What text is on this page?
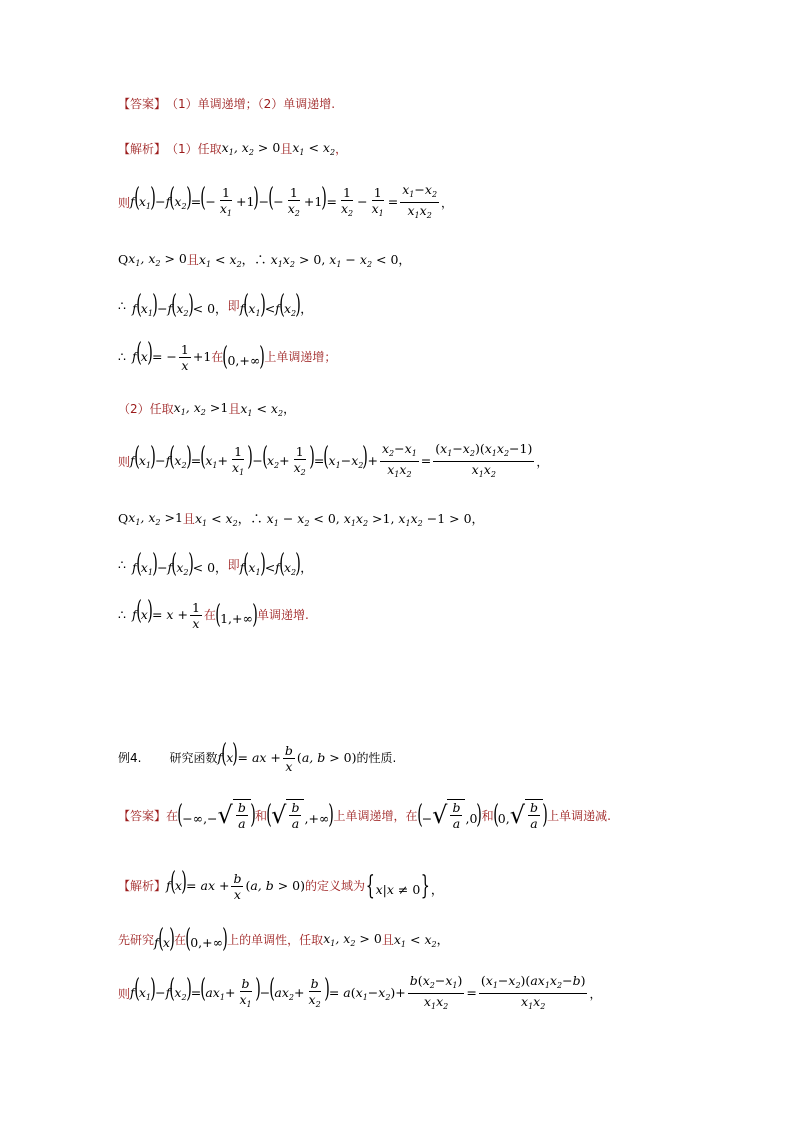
【答案】 （1）单调递增；（2）单调递增.
【解析】 （1）任取 $x_1$, $x_2 > 0$ 且 $x_1 < x_2$ ，
则 $f(x_1)-f(x_2)=(- \frac{1}{x_1} +1)-(- \frac{1}{x_2} +1)= \frac{1}{x_2} - \frac{1}{x_1} = \frac{x_1-x_2}{x_1x_2}$ ，
Q $x_1$, $x_2 > 0$ 且 $x_1 < x_2$，∴ $x_1x_2 > 0$, $x_1 - x_2 < 0$，
∴ $f(x_1)-f(x_2)< 0$， 即 $f(x_1)<f(x_2)$，
∴ $f(x)= - \frac{1}{x} +1$ 在 (0,+∞) 上单调递增；
（2）任取 $x_1$, $x_2 >1$ 且 $x_1 < x_2$，
则 $f(x_1)-f(x_2)=(x_1+ \frac{1}{x_1} )-(x_2+ \frac{1}{x_2} )=(x_1-x_2)+ \frac{x_2-x_1}{x_1x_2} = \frac{(x_1-x_2)(x_1x_2-1)}{x_1x_2}$ ，
Q $x_1$, $x_2 >1$ 且 $x_1 < x_2$，∴ $x_1 - x_2 < 0$, $x_1x_2 >1$, $x_1x_2 -1 > 0$，
∴ $f(x_1)-f(x_2)< 0$， 即 $f(x_1)<f(x_2)$，
∴ $f(x)= x + \frac{1}{x}$ 在 (1,+∞) 单调递增.
例4. 研究函数 f(x)= ax + $\frac{b}{x} (a$, b > 0) 的性质.
【答案】 在 (−∞,− √ $\frac{b}{a}$ ) 和 ( √ $\frac{b}{a}$ ,+∞) 上单调递增，在 (− √ $\frac{b}{a} ,0$) 和 (0, √ $\frac{b}{a}$ ) 上单调递减.
【解析】 f(x)= ax + $\frac{b}{x} (a$, b > 0) 的定义域为 {x|x ≠ 0}，
先研究 f(x) 在 (0,+∞) 上的单调性，任取 $x_1$, $x_2 > 0$ 且 $x_1 < x_2$，
则 $f(x_1)-f(x_2)=(ax_1+ \frac{b}{x_1} )-(ax_2+ \frac{b}{x_2}$ )= $a(x_1-x_2)+ \frac{b(x_2-x_1)}{x_1x_2} = \frac{(x_1-x_2)(ax_1x_2-b)}{x_1x_2}$ ，
